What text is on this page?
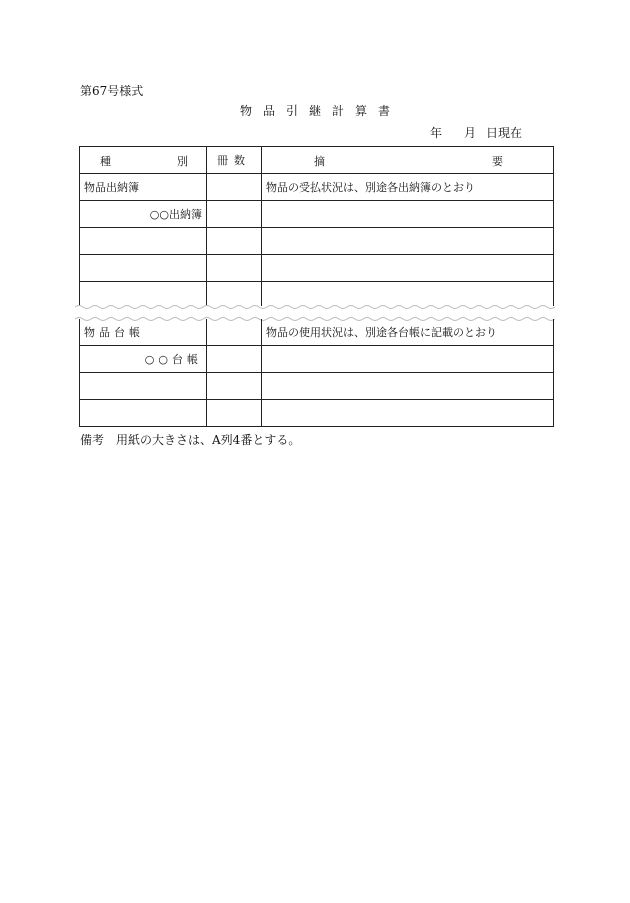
第67号様式
物品引継計算書
年 月 日現在
種 別	冊数	摘 要

物品出納簿		物品の受払状況は、別途各出納簿のとおり
○○出納簿		

物品台帳		物品の使用状況は、別途各台帳に記載のとおり
○○台帳		

備考 用紙の大きさは、A列4番とする。
